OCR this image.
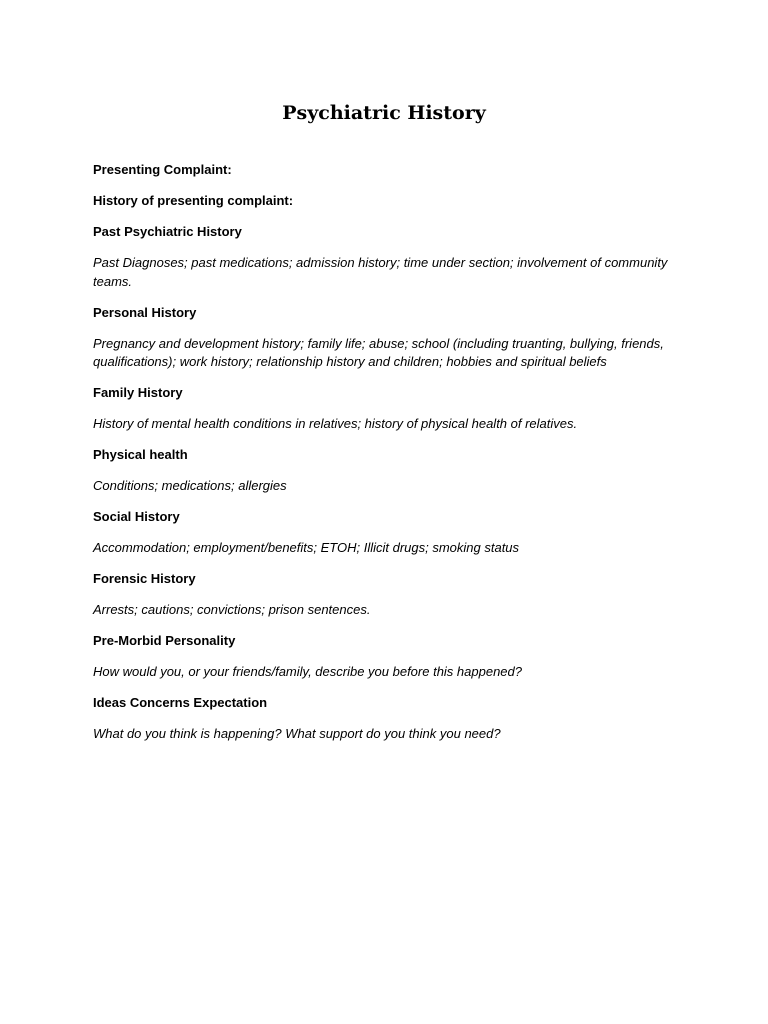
Psychiatric History

Presenting Complaint:

History of presenting complaint:

Past Psychiatric History

Past Diagnoses; past medications; admission history; time under section; involvement of community teams.

Personal History

Pregnancy and development history; family life; abuse; school (including truanting, bullying, friends, qualifications); work history; relationship history and children; hobbies and spiritual beliefs

Family History

History of mental health conditions in relatives; history of physical health of relatives.

Physical health

Conditions; medications; allergies

Social History

Accommodation; employment/benefits; ETOH; Illicit drugs; smoking status

Forensic History

Arrests; cautions; convictions; prison sentences.

Pre-Morbid Personality

How would you, or your friends/family, describe you before this happened?

Ideas Concerns Expectation

What do you think is happening? What support do you think you need?
